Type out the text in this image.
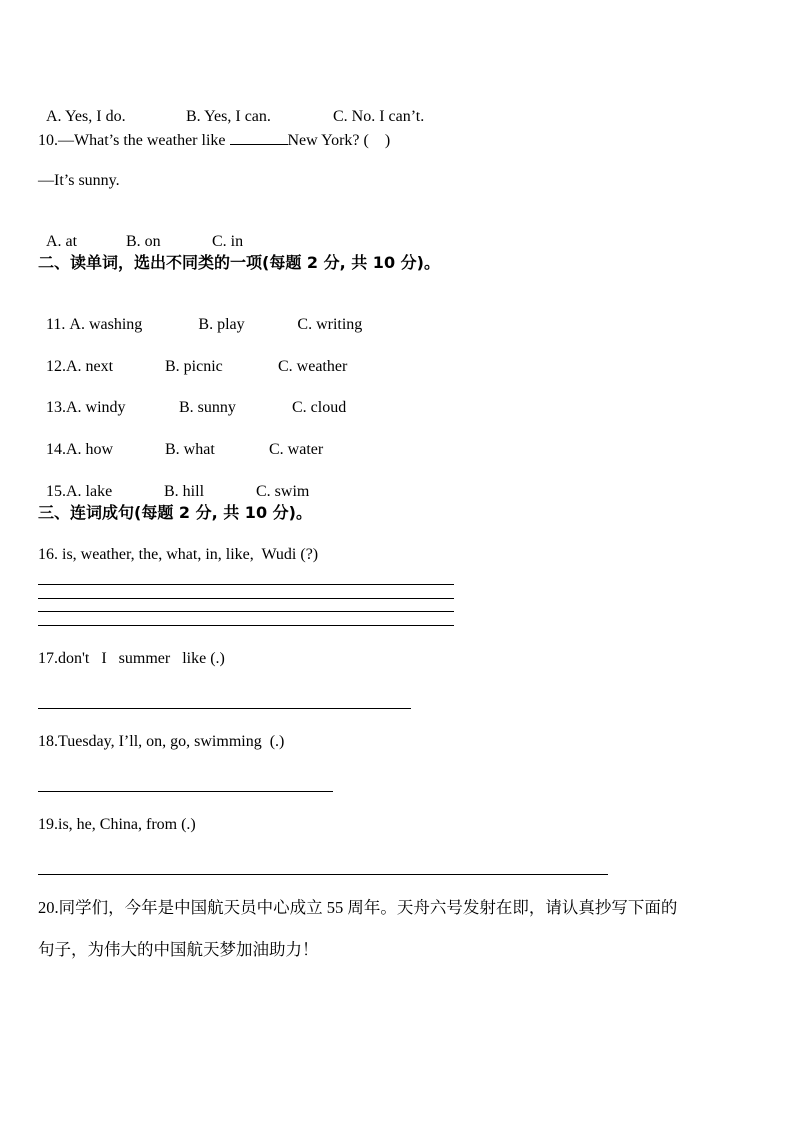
A. Yes, I do.	B. Yes, I can.	C. No. I can’t.

10.—What’s the weather like	New York? (　)
—It’s sunny.

A. at	B. on	C. in

二、读单词，选出不同类的一项(每题 2 分, 共 10 分)。

11. A. washing	B. play	C. writing

12.A. next	B. picnic	C. weather

13.A. windy	B. sunny	C. cloud

14.A. how	B. what	C. water

15.A. lake	B. hill	C. swim

三、连词成句(每题 2 分, 共 10 分)。
16. is, weather, the, what, in, like,  Wudi (?)
17.don't   I   summer   like (.)
18.Tuesday, I’ll, on, go, swimming  (.)
19.is, he, China, from (.)
20.同学们，今年是中国航天员中心成立 55 周年。天舟六号发射在即，请认真抄写下面的
句子，为伟大的中国航天梦加油助力！
